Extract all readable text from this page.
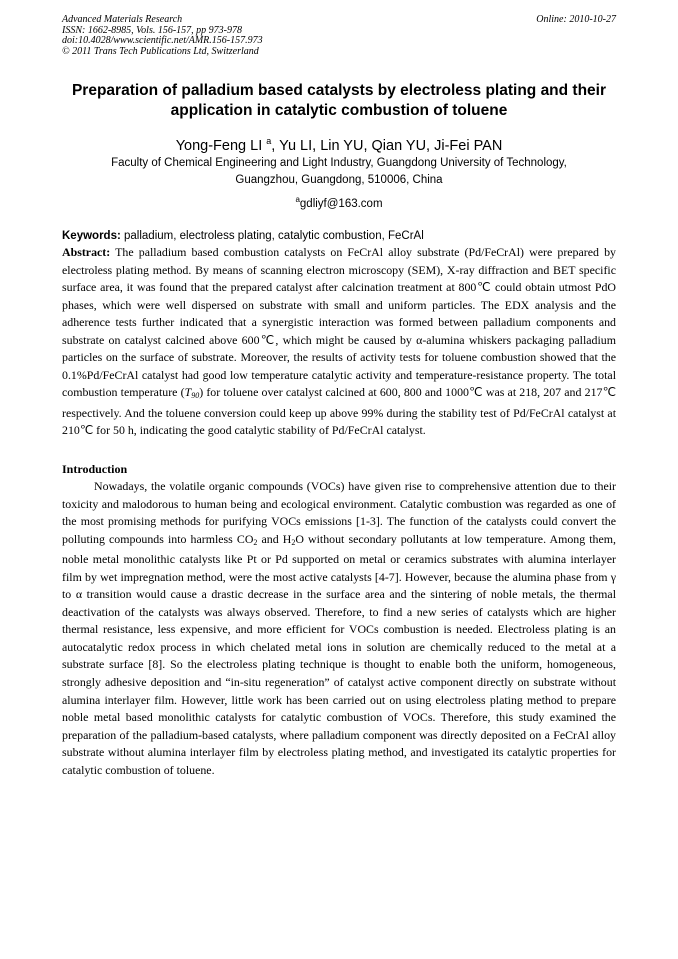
Advanced Materials Research
ISSN: 1662-8985, Vols. 156-157, pp 973-978
doi:10.4028/www.scientific.net/AMR.156-157.973
© 2011 Trans Tech Publications Ltd, Switzerland
Online: 2010-10-27
Preparation of palladium based catalysts by electroless plating and their
application in catalytic combustion of toluene
Yong-Feng LI $^a$, Yu LI, Lin YU, Qian YU, Ji-Fei PAN
Faculty of Chemical Engineering and Light Industry, Guangdong University of Technology,
Guangzhou, Guangdong, 510006, China
$^a$gdliyf@163.com
Keywords: palladium, electroless plating, catalytic combustion, FeCrAl
Abstract: The palladium based combustion catalysts on FeCrAl alloy substrate (Pd/FeCrAl) were prepared by electroless plating method. By means of scanning electron microscopy (SEM), X-ray diffraction and BET specific surface area, it was found that the prepared catalyst after calcination treatment at 800℃ could obtain utmost PdO phases, which were well dispersed on substrate with small and uniform particles. The EDX analysis and the adherence tests further indicated that a synergistic interaction was formed between palladium components and substrate on catalyst calcined above 600℃, which might be caused by α-alumina whiskers packaging palladium particles on the surface of substrate. Moreover, the results of activity tests for toluene combustion showed that the 0.1%Pd/FeCrAl catalyst had good low temperature catalytic activity and temperature-resistance property. The total combustion temperature $(T_{90})$ for toluene over catalyst calcined at 600, 800 and 1000℃ was at 218, 207 and 217℃ respectively. And the toluene conversion could keep up above 99% during the stability test of Pd/FeCrAl catalyst at 210℃ for 50 h, indicating the good catalytic stability of Pd/FeCrAl catalyst.
Introduction
Nowadays, the volatile organic compounds (VOCs) have given rise to comprehensive attention due to their toxicity and malodorous to human being and ecological environment. Catalytic combustion was regarded as one of the most promising methods for purifying VOCs emissions [1-3]. The function of the catalysts could convert the polluting compounds into harmless $CO_2$ and $H_2O$ without secondary pollutants at low temperature. Among them, noble metal monolithic catalysts like Pt or Pd supported on metal or ceramics substrates with alumina interlayer film by wet impregnation method, were the most active catalysts [4-7]. However, because the alumina phase from γ to α transition would cause a drastic decrease in the surface area and the sintering of noble metals, the thermal deactivation of the catalysts was always observed. Therefore, to find a new series of catalysts which are higher thermal resistance, less expensive, and more efficient for VOCs combustion is needed. Electroless plating is an autocatalytic redox process in which chelated metal ions in solution are chemically reduced to the metal at a substrate surface [8]. So the electroless plating technique is thought to enable both the uniform, homogeneous, strongly adhesive deposition and “in-situ regeneration” of catalyst active component directly on substrate without alumina interlayer film. However, little work has been carried out on using electroless plating method to prepare noble metal based monolithic catalysts for catalytic combustion of VOCs. Therefore, this study examined the preparation of the palladium-based catalysts, where palladium component was directly deposited on a FeCrAl alloy substrate without alumina interlayer film by electroless plating method, and investigated its catalytic properties for catalytic combustion of toluene.
